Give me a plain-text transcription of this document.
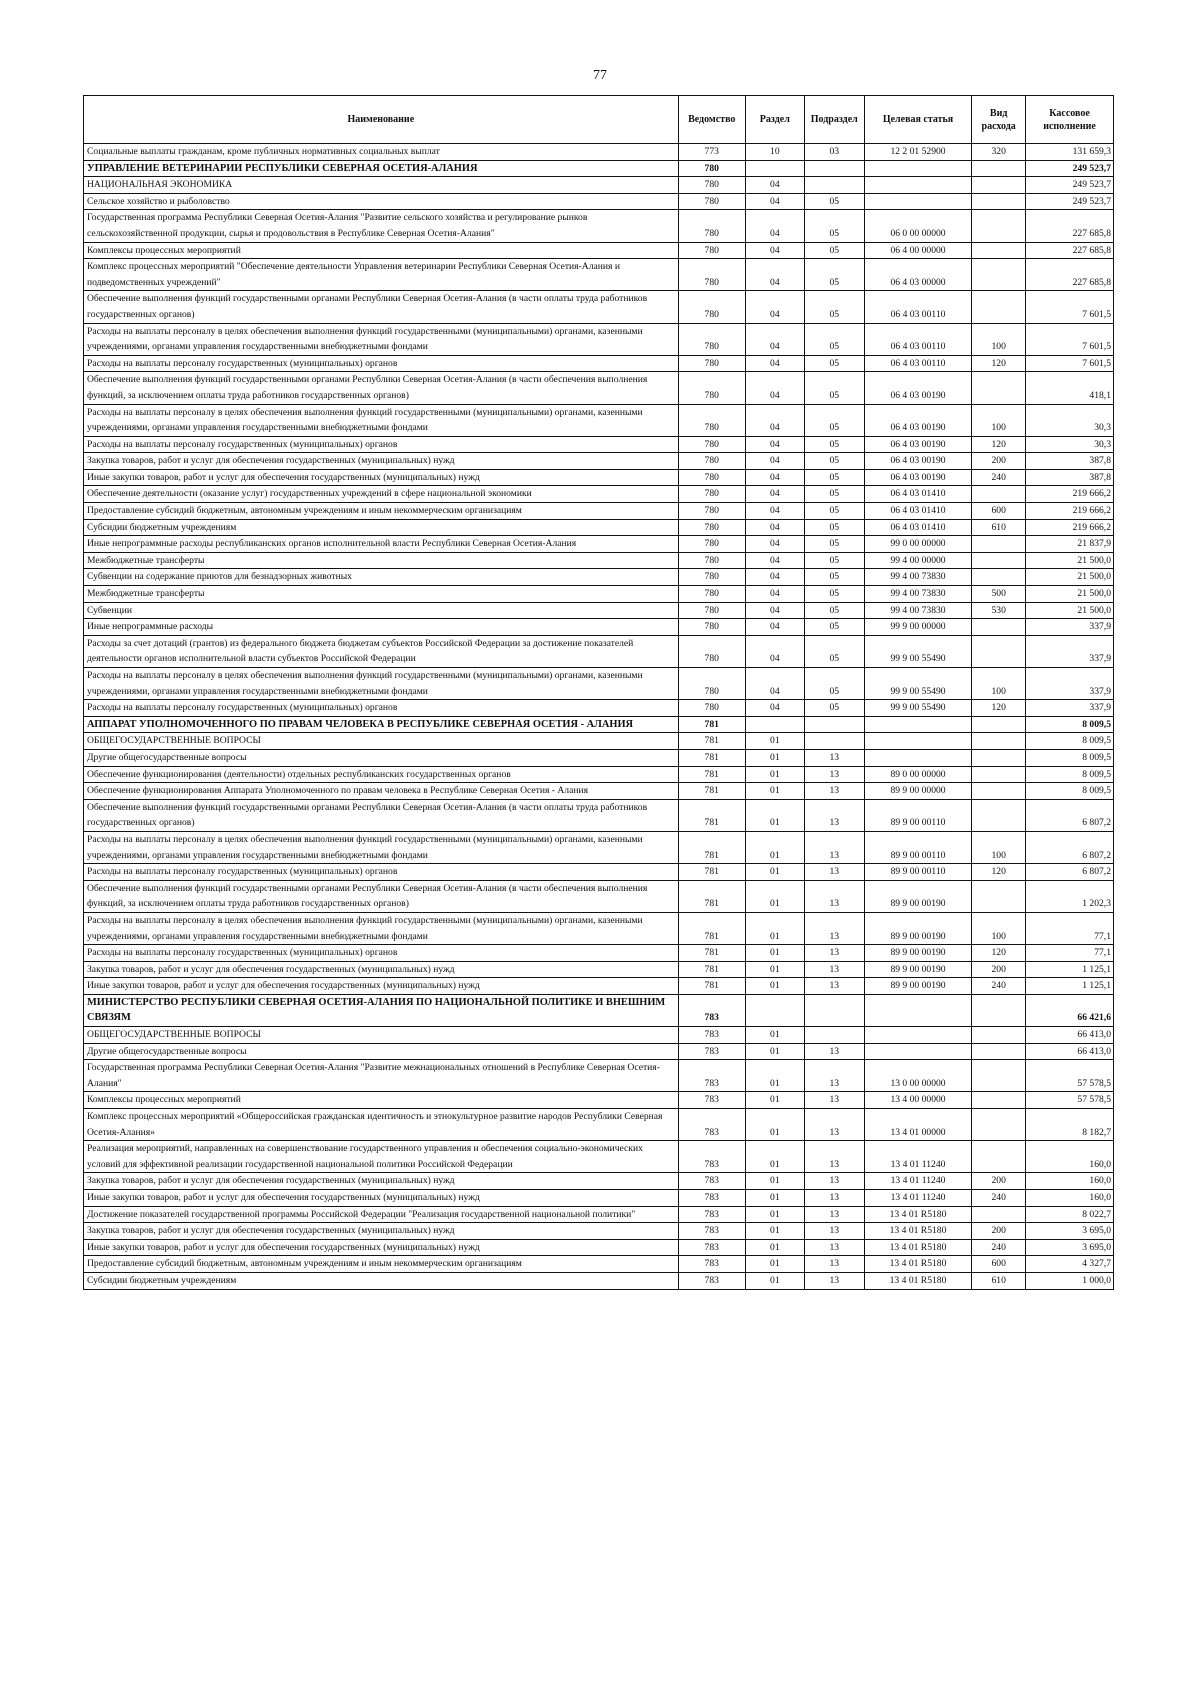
77
Наименование	Ведомство	Раздел	Подраздел	Целевая статья	Вид расхода	Кассовое исполнение
Социальные выплаты гражданам, кроме публичных нормативных социальных выплат	773	10	03	12 2 01 52900	320	131 659,3
УПРАВЛЕНИЕ ВЕТЕРИНАРИИ РЕСПУБЛИКИ СЕВЕРНАЯ ОСЕТИЯ-АЛАНИЯ	780					249 523,7
НАЦИОНАЛЬНАЯ ЭКОНОМИКА	780	04				249 523,7
Сельское хозяйство и рыболовство	780	04	05			249 523,7
Государственная программа Республики Северная Осетия-Алания "Развитие сельского хозяйства и регулирование рынков сельскохозяйственной продукции, сырья и продовольствия в Республике Северная Осетия-Алания"	780	04	05	06 0 00 00000		227 685,8
Комплексы процессных мероприятий	780	04	05	06 4 00 00000		227 685,8
Комплекс процессных мероприятий "Обеспечение деятельности Управления ветеринарии Республики Северная Осетия-Алания и подведомственных учреждений"	780	04	05	06 4 03 00000		227 685,8
Обеспечение выполнения функций государственными органами Республики Северная Осетия-Алания (в части оплаты труда работников государственных органов)	780	04	05	06 4 03 00110		7 601,5
Расходы на выплаты персоналу в целях обеспечения выполнения функций государственными (муниципальными) органами, казенными учреждениями, органами управления государственными внебюджетными фондами	780	04	05	06 4 03 00110	100	7 601,5
Расходы на выплаты персоналу государственных (муниципальных) органов	780	04	05	06 4 03 00110	120	7 601,5
Обеспечение выполнения функций государственными органами Республики Северная Осетия-Алания (в части обеспечения выполнения функций, за исключением оплаты труда работников государственных органов)	780	04	05	06 4 03 00190		418,1
Расходы на выплаты персоналу в целях обеспечения выполнения функций государственными (муниципальными) органами, казенными учреждениями, органами управления государственными внебюджетными фондами	780	04	05	06 4 03 00190	100	30,3
Расходы на выплаты персоналу государственных (муниципальных) органов	780	04	05	06 4 03 00190	120	30,3
Закупка товаров, работ и услуг для обеспечения государственных (муниципальных) нужд	780	04	05	06 4 03 00190	200	387,8
Иные закупки товаров, работ и услуг для обеспечения государственных (муниципальных) нужд	780	04	05	06 4 03 00190	240	387,8
Обеспечение деятельности (оказание услуг) государственных учреждений в сфере национальной экономики	780	04	05	06 4 03 01410		219 666,2
Предоставление субсидий бюджетным, автономным учреждениям и иным некоммерческим организациям	780	04	05	06 4 03 01410	600	219 666,2
Субсидии бюджетным учреждениям	780	04	05	06 4 03 01410	610	219 666,2
Иные непрограммные расходы республиканских органов исполнительной власти Республики Северная Осетия-Алания	780	04	05	99 0 00 00000		21 837,9
Межбюджетные трансферты	780	04	05	99 4 00 00000		21 500,0
Субвенции на содержание приютов для безнадзорных животных	780	04	05	99 4 00 73830		21 500,0
Межбюджетные трансферты	780	04	05	99 4 00 73830	500	21 500,0
Субвенции	780	04	05	99 4 00 73830	530	21 500,0
Иные непрограммные расходы	780	04	05	99 9 00 00000		337,9
Расходы за счет дотаций (грантов) из федерального бюджета бюджетам субъектов Российской Федерации за достижение показателей деятельности органов исполнительной власти субъектов Российской Федерации	780	04	05	99 9 00 55490		337,9
Расходы на выплаты персоналу в целях обеспечения выполнения функций государственными (муниципальными) органами, казенными учреждениями, органами управления государственными внебюджетными фондами	780	04	05	99 9 00 55490	100	337,9
Расходы на выплаты персоналу государственных (муниципальных) органов	780	04	05	99 9 00 55490	120	337,9
АППАРАТ УПОЛНОМОЧЕННОГО ПО ПРАВАМ ЧЕЛОВЕКА В РЕСПУБЛИКЕ СЕВЕРНАЯ ОСЕТИЯ - АЛАНИЯ	781					8 009,5
ОБЩЕГОСУДАРСТВЕННЫЕ ВОПРОСЫ	781	01				8 009,5
Другие общегосударственные вопросы	781	01	13			8 009,5
Обеспечение функционирования (деятельности) отдельных республиканских государственных органов	781	01	13	89 0 00 00000		8 009,5
Обеспечение функционирования Аппарата Уполномоченного по правам человека в Республике Северная Осетия - Алания	781	01	13	89 9 00 00000		8 009,5
Обеспечение выполнения функций государственными органами Республики Северная Осетия-Алания (в части оплаты труда работников государственных органов)	781	01	13	89 9 00 00110		6 807,2
Расходы на выплаты персоналу в целях обеспечения выполнения функций государственными (муниципальными) органами, казенными учреждениями, органами управления государственными внебюджетными фондами	781	01	13	89 9 00 00110	100	6 807,2
Расходы на выплаты персоналу государственных (муниципальных) органов	781	01	13	89 9 00 00110	120	6 807,2
Обеспечение выполнения функций государственными органами Республики Северная Осетия-Алания (в части обеспечения выполнения функций, за исключением оплаты труда работников государственных органов)	781	01	13	89 9 00 00190		1 202,3
Расходы на выплаты персоналу в целях обеспечения выполнения функций государственными (муниципальными) органами, казенными учреждениями, органами управления государственными внебюджетными фондами	781	01	13	89 9 00 00190	100	77,1
Расходы на выплаты персоналу государственных (муниципальных) органов	781	01	13	89 9 00 00190	120	77,1
Закупка товаров, работ и услуг для обеспечения государственных (муниципальных) нужд	781	01	13	89 9 00 00190	200	1 125,1
Иные закупки товаров, работ и услуг для обеспечения государственных (муниципальных) нужд	781	01	13	89 9 00 00190	240	1 125,1
МИНИСТЕРСТВО РЕСПУБЛИКИ СЕВЕРНАЯ ОСЕТИЯ-АЛАНИЯ ПО НАЦИОНАЛЬНОЙ ПОЛИТИКЕ И ВНЕШНИМ СВЯЗЯМ	783					66 421,6
ОБЩЕГОСУДАРСТВЕННЫЕ ВОПРОСЫ	783	01				66 413,0
Другие общегосударственные вопросы	783	01	13			66 413,0
Государственная программа Республики Северная Осетия-Алания "Развитие межнациональных отношений в Республике Северная Осетия-Алания"	783	01	13	13 0 00 00000		57 578,5
Комплексы процессных мероприятий	783	01	13	13 4 00 00000		57 578,5
Комплекс процессных мероприятий «Общероссийская гражданская идентичность и этнокультурное развитие народов Республики Северная Осетия-Алания»	783	01	13	13 4 01 00000		8 182,7
Реализация мероприятий, направленных на совершенствование государственного управления и обеспечения социально-экономических условий для эффективной реализации государственной национальной политики Российской Федерации	783	01	13	13 4 01 11240		160,0
Закупка товаров, работ и услуг для обеспечения государственных (муниципальных) нужд	783	01	13	13 4 01 11240	200	160,0
Иные закупки товаров, работ и услуг для обеспечения государственных (муниципальных) нужд	783	01	13	13 4 01 11240	240	160,0
Достижение показателей государственной программы Российской Федерации "Реализация государственной национальной политики"	783	01	13	13 4 01 R5180		8 022,7
Закупка товаров, работ и услуг для обеспечения государственных (муниципальных) нужд	783	01	13	13 4 01 R5180	200	3 695,0
Иные закупки товаров, работ и услуг для обеспечения государственных (муниципальных) нужд	783	01	13	13 4 01 R5180	240	3 695,0
Предоставление субсидий бюджетным, автономным учреждениям и иным некоммерческим организациям	783	01	13	13 4 01 R5180	600	4 327,7
Субсидии бюджетным учреждениям	783	01	13	13 4 01 R5180	610	1 000,0
